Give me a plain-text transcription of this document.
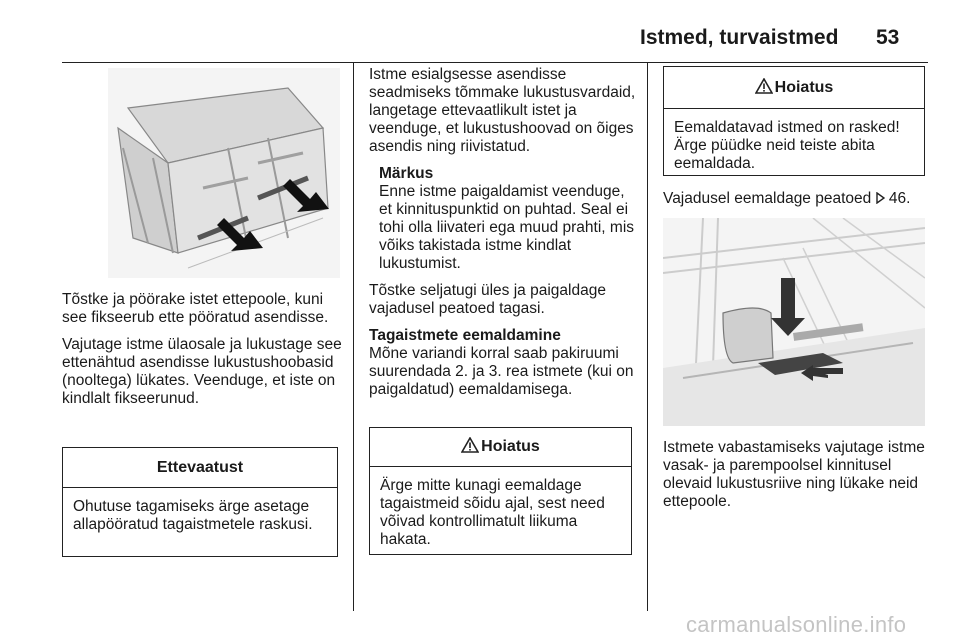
Istmed, turvaistmed 53

Tõstke ja pöörake istet ettepoole, kuni see fikseerub ette pööratud asendisse.

Vajutage istme ülaosale ja lukustage see ettenähtud asendisse lukustushoobasid (nooltega) lükates. Veenduge, et iste on kindlalt fikseerunud.

Ettevaatust
Ohutuse tagamiseks ärge asetage allapööratud tagaistmetele raskusi.

Istme esialgsesse asendisse seadmiseks tõmmake lukustusvardaid, langetage ettevaatlikult istet ja veenduge, et lukustushoovad on õiges asendis ning riivistatud.

Märkus
Enne istme paigaldamist veenduge, et kinnituspunktid on puhtad. Seal ei tohi olla liivateri ega muud prahti, mis võiks takistada istme kindlat lukustumist.

Tõstke seljatugi üles ja paigaldage vajadusel peatoed tagasi.

Tagaistmete eemaldamine

Mõne variandi korral saab pakiruumi suurendada 2. ja 3. rea istmete (kui on paigaldatud) eemaldamisega.

Hoiatus
Ärge mitte kunagi eemaldage tagaistmeid sõidu ajal, sest need võivad kontrollimatult liikuma hakata.
Hoiatus
Eemaldatavad istmed on rasked! Ärge püüdke neid teiste abita eemaldada.

Vajadusel eemaldage peatoed  46.

Istmete vabastamiseks vajutage istme vasak- ja parempoolsel kinnitusel olevaid lukustusriive ning lükake neid ettepoole.

carmanualsonline.info
